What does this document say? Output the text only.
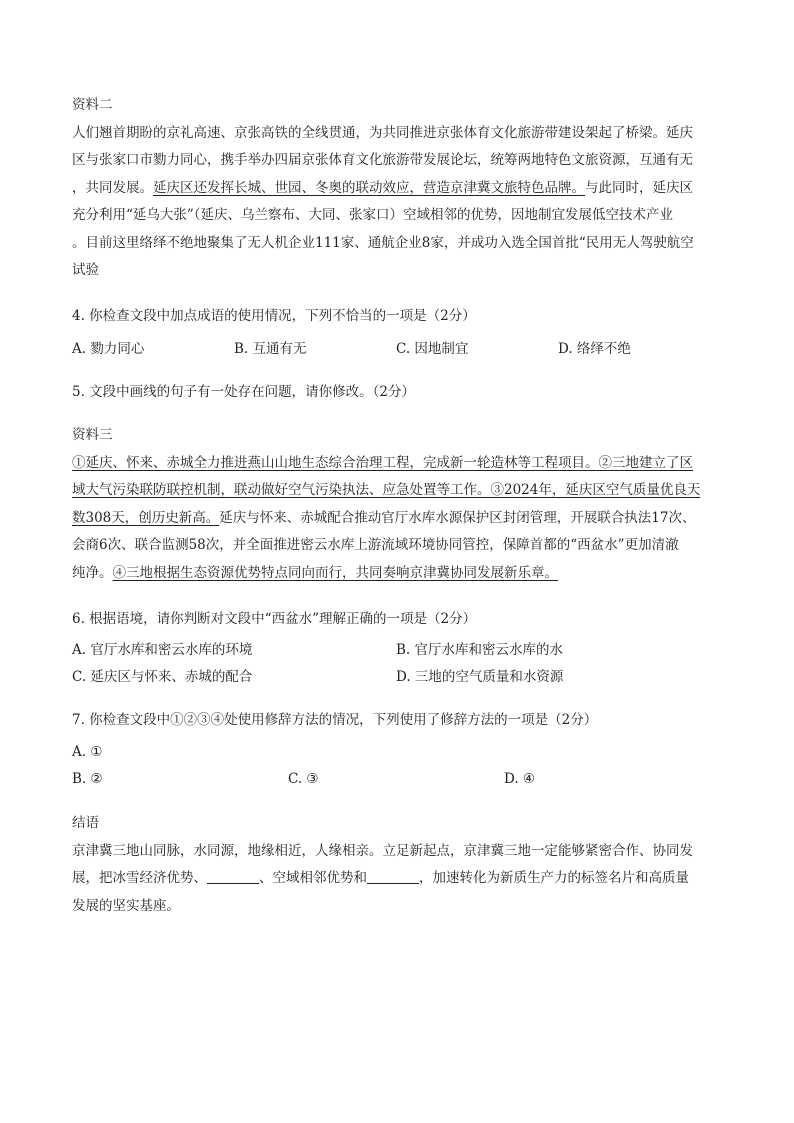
资料二
人们翘首期盼的京礼高速、京张高铁的全线贯通，为共同推进京张体育文化旅游带建设架起了桥梁。延庆
区与张家口市勠力同心，携手举办四届京张体育文化旅游带发展论坛，统筹两地特色文旅资源，互通有无
，共同发展。延庆区还发挥长城、世园、冬奥的联动效应，营造京津冀文旅特色品牌。与此同时，延庆区
充分利用“延乌大张”（延庆、乌兰察布、大同、张家口）空域相邻的优势，因地制宜发展低空技术产业
。目前这里络绎不绝地聚集了无人机企业111家、通航企业8家，并成功入选全国首批“民用无人驾驶航空
试验
4. 你检查文段中加点成语的使用情况，下列不恰当的一项是（2分）
A. 勠力同心	B. 互通有无	C. 因地制宜	D. 络绎不绝
5. 文段中画线的句子有一处存在问题，请你修改。（2分）
资料三
①延庆、怀来、赤城全力推进燕山山地生态综合治理工程，完成新一轮造林等工程项目。②三地建立了区
域大气污染联防联控机制，联动做好空气污染执法、应急处置等工作。③2024年，延庆区空气质量优良天
数308天，创历史新高。延庆与怀来、赤城配合推动官厅水库水源保护区封闭管理，开展联合执法17次、
会商6次、联合监测58次，并全面推进密云水库上游流域环境协同管控，保障首都的“西盆水”更加清澈
纯净。④三地根据生态资源优势特点同向而行，共同奏响京津冀协同发展新乐章。
6. 根据语境，请你判断对文段中“西盆水”理解正确的一项是（2分）
A. 官厅水库和密云水库的环境	B. 官厅水库和密云水库的水
C. 延庆区与怀来、赤城的配合	D. 三地的空气质量和水资源
7. 你检查文段中①②③④处使用修辞方法的情况，下列使用了修辞方法的一项是（2分）
A. ①
B. ②	C. ③	D. ④
结语
京津冀三地山同脉，水同源，地缘相近，人缘相亲。立足新起点，京津冀三地一定能够紧密合作、协同发
展，把冰雪经济优势、	、空域相邻优势和	，加速转化为新质生产力的标签名片和高质量
发展的坚实基座。
